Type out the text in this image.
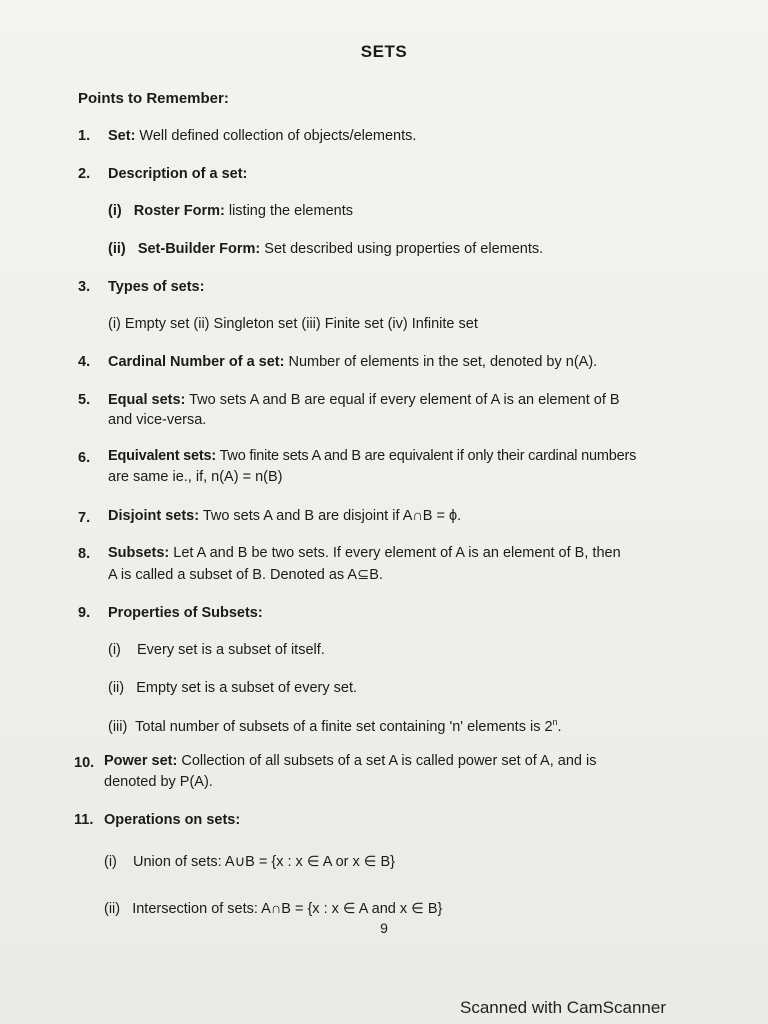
SETS
Points to Remember:
1. Set: Well defined collection of objects/elements.
2. Description of a set:
(i) Roster Form: listing the elements
(ii) Set-Builder Form: Set described using properties of elements.
3. Types of sets:
(i) Empty set (ii) Singleton set (iii) Finite set (iv) Infinite set
4. Cardinal Number of a set: Number of elements in the set, denoted by n(A).
5. Equal sets: Two sets A and B are equal if every element of A is an element of B
and vice-versa.
6. Equivalent sets: Two finite sets A and B are equivalent if only their cardinal numbers
are same ie., if, n(A) = n(B)
7. Disjoint sets: Two sets A and B are disjoint if A∩B = ϕ.
8. Subsets: Let A and B be two sets. If every element of A is an element of B, then
A is called a subset of B. Denoted as A⊆B.
9. Properties of Subsets:
(i) Every set is a subset of itself.
(ii) Empty set is a subset of every set.
(iii) Total number of subsets of a finite set containing 'n' elements is 2$^n$.
10. Power set: Collection of all subsets of a set A is called power set of A, and is
denoted by P(A).
11. Operations on sets:
(i) Union of sets: A∪B = {x : x ∈ A or x ∈ B}
(ii) Intersection of sets: A∩B = {x : x ∈ A and x ∈ B}
9
Scanned with CamScanner
